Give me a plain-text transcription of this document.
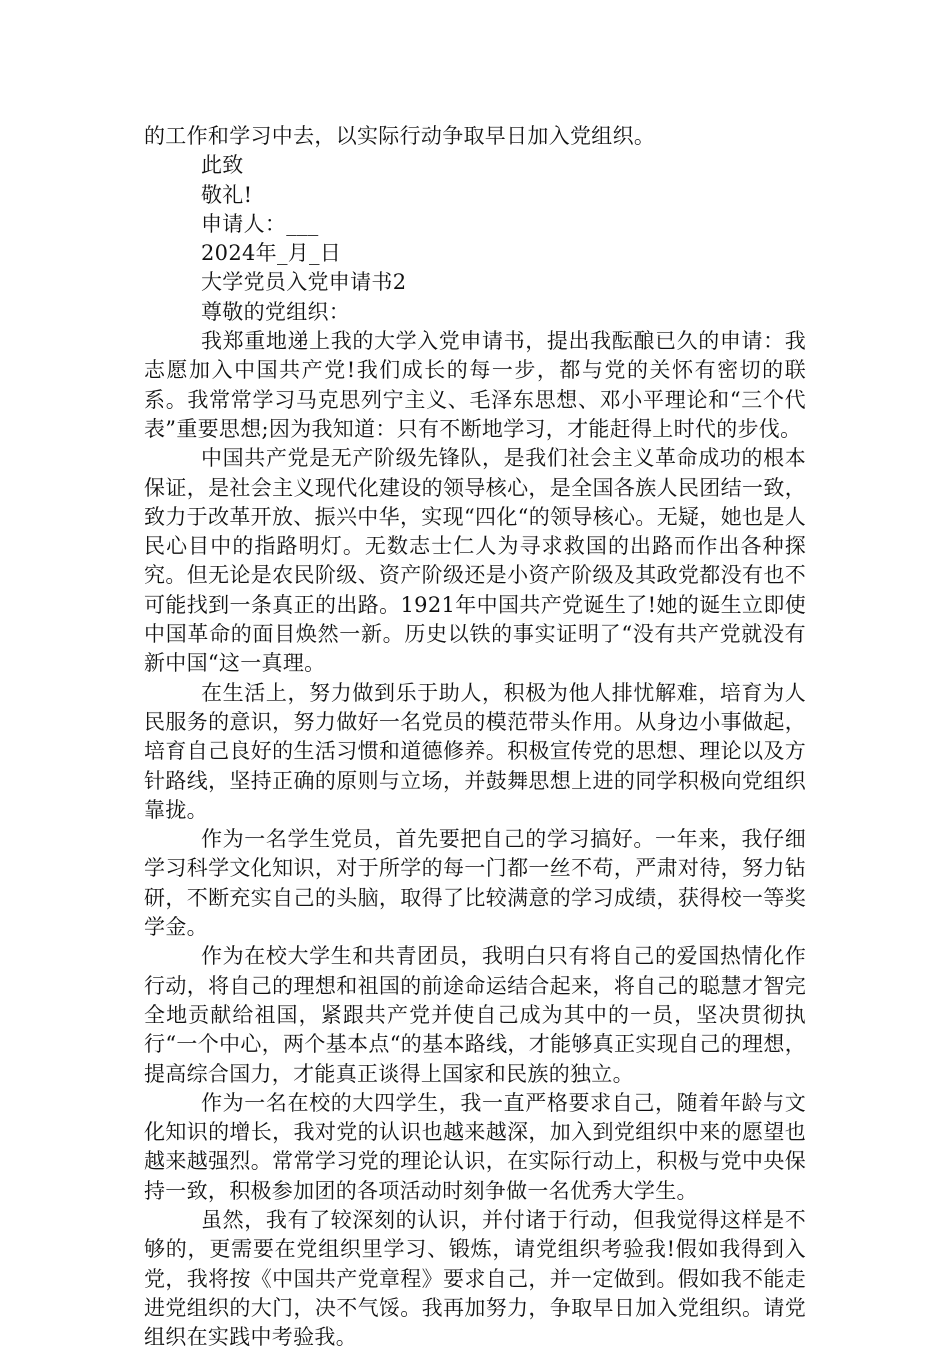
的工作和学习中去，以实际行动争取早日加入党组织。

此致

敬礼!

申请人：___

2024年_月_日

大学党员入党申请书2

尊敬的党组织：

我郑重地递上我的大学入党申请书，提出我酝酿已久的申请：我志愿加入中国共产党!我们成长的每一步，都与党的关怀有密切的联系。我常常学习马克思列宁主义、毛泽东思想、邓小平理论和“三个代表”重要思想;因为我知道：只有不断地学习，才能赶得上时代的步伐。

中国共产党是无产阶级先锋队，是我们社会主义革命成功的根本保证，是社会主义现代化建设的领导核心，是全国各族人民团结一致，致力于改革开放、振兴中华，实现“四化“的领导核心。无疑，她也是人民心目中的指路明灯。无数志士仁人为寻求救国的出路而作出各种探究。但无论是农民阶级、资产阶级还是小资产阶级及其政党都没有也不可能找到一条真正的出路。1921年中国共产党诞生了!她的诞生立即使中国革命的面目焕然一新。历史以铁的事实证明了“没有共产党就没有新中国“这一真理。

在生活上，努力做到乐于助人，积极为他人排忧解难，培育为人民服务的意识，努力做好一名党员的模范带头作用。从身边小事做起，培育自己良好的生活习惯和道德修养。积极宣传党的思想、理论以及方针路线，坚持正确的原则与立场，并鼓舞思想上进的同学积极向党组织靠拢。

作为一名学生党员，首先要把自己的学习搞好。一年来，我仔细学习科学文化知识，对于所学的每一门都一丝不苟，严肃对待，努力钻研，不断充实自己的头脑，取得了比较满意的学习成绩，获得校一等奖学金。

作为在校大学生和共青团员，我明白只有将自己的爱国热情化作行动，将自己的理想和祖国的前途命运结合起来，将自己的聪慧才智完全地贡献给祖国，紧跟共产党并使自己成为其中的一员，坚决贯彻执行“一个中心，两个基本点“的基本路线，才能够真正实现自己的理想，提高综合国力，才能真正谈得上国家和民族的独立。

作为一名在校的大四学生，我一直严格要求自己，随着年龄与文化知识的增长，我对党的认识也越来越深，加入到党组织中来的愿望也越来越强烈。常常学习党的理论认识，在实际行动上，积极与党中央保持一致，积极参加团的各项活动时刻争做一名优秀大学生。

虽然，我有了较深刻的认识，并付诸于行动，但我觉得这样是不够的，更需要在党组织里学习、锻炼，请党组织考验我!假如我得到入党，我将按《中国共产党章程》要求自己，并一定做到。假如我不能走进党组织的大门，决不气馁。我再加努力，争取早日加入党组织。请党组织在实践中考验我。
